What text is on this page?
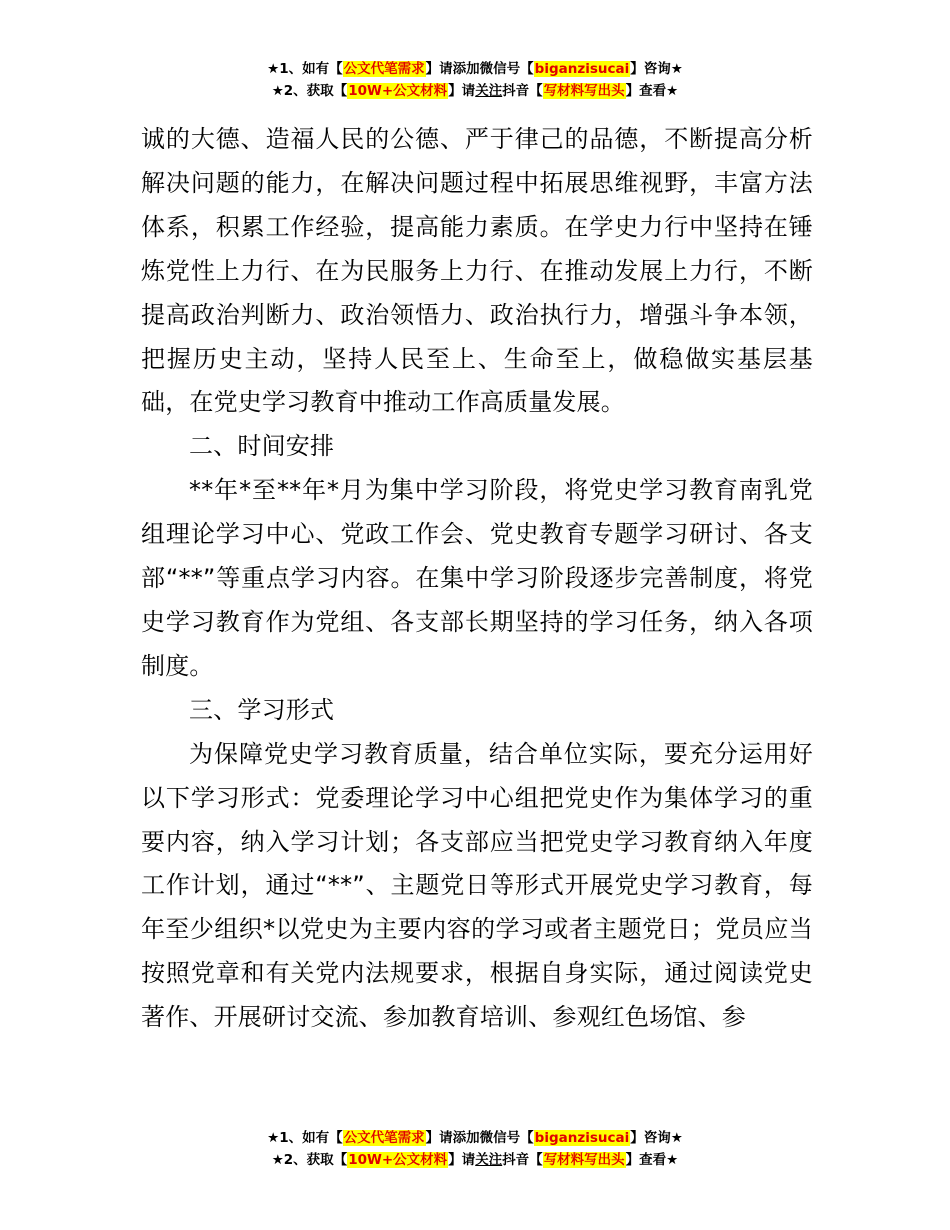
★1、如有【公文代笔需求】请添加微信号【biganzisucai】咨询★
★2、获取【10W+公文材料】请关注抖音【写材料写出头】查看★

诚的大德、造福人民的公德、严于律己的品德，不断提高分析解决问题的能力，在解决问题过程中拓展思维视野，丰富方法体系，积累工作经验，提高能力素质。在学史力行中坚持在锤炼党性上力行、在为民服务上力行、在推动发展上力行，不断提高政治判断力、政治领悟力、政治执行力，增强斗争本领，把握历史主动，坚持人民至上、生命至上，做稳做实基层基础，在党史学习教育中推动工作高质量发展。

二、时间安排

**年*至**年*月为集中学习阶段，将党史学习教育南乳党组理论学习中心、党政工作会、党史教育专题学习研讨、各支部“**”等重点学习内容。在集中学习阶段逐步完善制度，将党史学习教育作为党组、各支部长期坚持的学习任务，纳入各项制度。

三、学习形式

为保障党史学习教育质量，结合单位实际，要充分运用好以下学习形式：党委理论学习中心组把党史作为集体学习的重要内容，纳入学习计划；各支部应当把党史学习教育纳入年度工作计划，通过“**”、主题党日等形式开展党史学习教育，每年至少组织*以党史为主要内容的学习或者主题党日；党员应当按照党章和有关党内法规要求，根据自身实际，通过阅读党史著作、开展研讨交流、参加教育培训、参观红色场馆、参

★1、如有【公文代笔需求】请添加微信号【biganzisucai】咨询★
★2、获取【10W+公文材料】请关注抖音【写材料写出头】查看★
